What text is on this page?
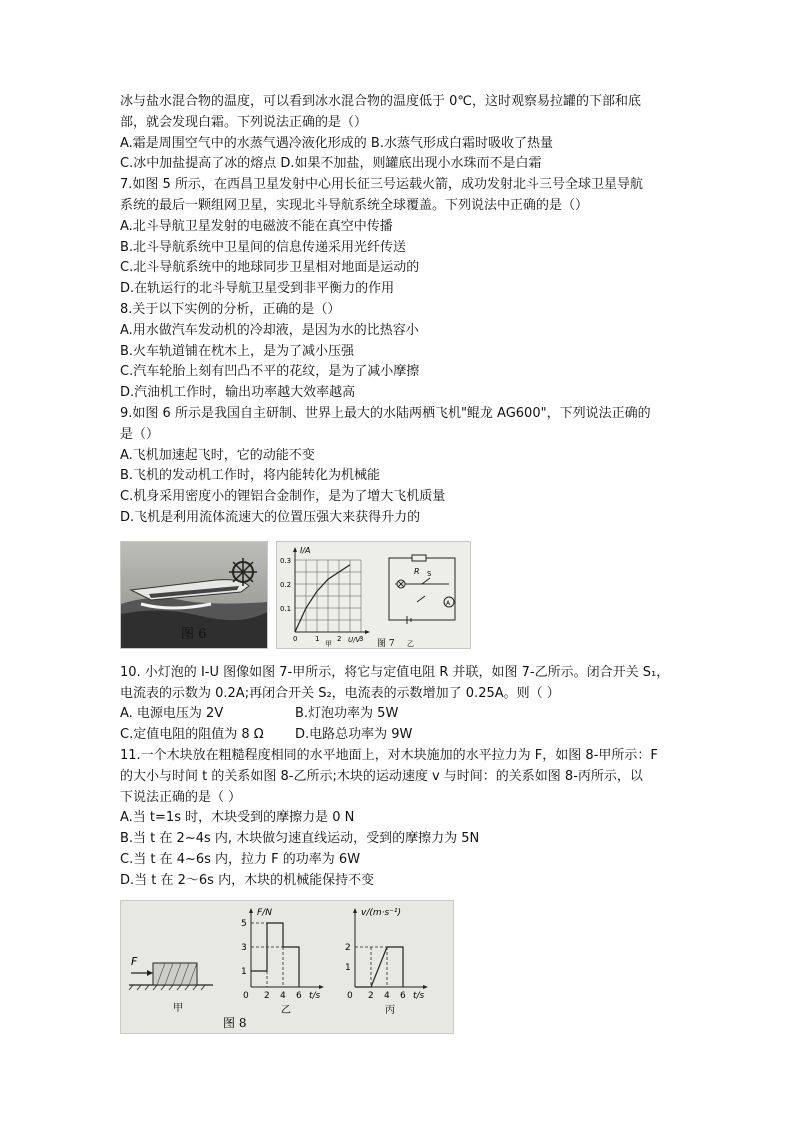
冰与盐水混合物的温度，可以看到冰水混合物的温度低于 0℃，这时观察易拉罐的下部和底
部，就会发现白霜。下列说法正确的是（）
A.霜是周围空气中的水蒸气遇冷液化形成的 B.水蒸气形成白霜时吸收了热量
C.冰中加盐提高了冰的熔点 D.如果不加盐，则罐底出现小水珠而不是白霜
7.如图 5 所示，在西昌卫星发射中心用长征三号运载火箭，成功发射北斗三号全球卫星导航
系统的最后一颗组网卫星，实现北斗导航系统全球覆盖。下列说法中正确的是（）
A.北斗导航卫星发射的电磁波不能在真空中传播
B.北斗导航系统中卫星间的信息传递采用光纤传送
C.北斗导航系统中的地球同步卫星相对地面是运动的
D.在轨运行的北斗导航卫星受到非平衡力的作用
8.关于以下实例的分析，正确的是（）
A.用水做汽车发动机的冷却液，是因为水的比热容小
B.火车轨道铺在枕木上，是为了减小压强
C.汽车轮胎上刻有凹凸不平的花纹，是为了减小摩擦
D.汽油机工作时，输出功率越大效率越高
9.如图 6 所示是我国自主研制、世界上最大的水陆两栖飞机"鲲龙 AG600"，下列说法正确的
是（）
A.飞机加速起飞时，它的动能不变
B.飞机的发动机工作时，将内能转化为机械能
C.机身采用密度小的锂铝合金制作，是为了增大飞机质量
D.飞机是利用流体流速大的位置压强大来获得升力的
图 6
I/A
U/V
0.3
0.2
0.1
0	1	2	3
甲
A
R S
乙
图 7
10. 小灯泡的 I-U 图像如图 7-甲所示，将它与定值电阻 R 并联，如图 7-乙所示。闭合开关 S₁，
电流表的示数为 0.2A;再闭合开关 S₂，电流表的示数增加了 0.25A。则（ ）
A. 电源电压为 2V	B.灯泡功率为 5W
C.定值电阻的阻值为 8 Ω	D.电路总功率为 9W
11.一个木块放在粗糙程度相同的水平地面上，对木块施加的水平拉力为 F，如图 8-甲所示：F
的大小与时间 t 的关系如图 8-乙所示;木块的运动速度 v 与时间：的关系如图 8-丙所示，以
下说法正确的是（ ）
A.当 t=1s 时，木块受到的摩擦力是 0 N
B.当 t 在 2~4s 内, 木块做匀速直线运动，受到的摩擦力为 5N
C.当 t 在 4~6s 内，拉力 F 的功率为 6W
D.当 t 在 2～6s 内，木块的机械能保持不变
F
甲
图 8
F/N
5
3
1
0 2 4 6 t/s
乙
v/(m·s⁻¹)
2
1
0 2 4 6 t/s
丙
